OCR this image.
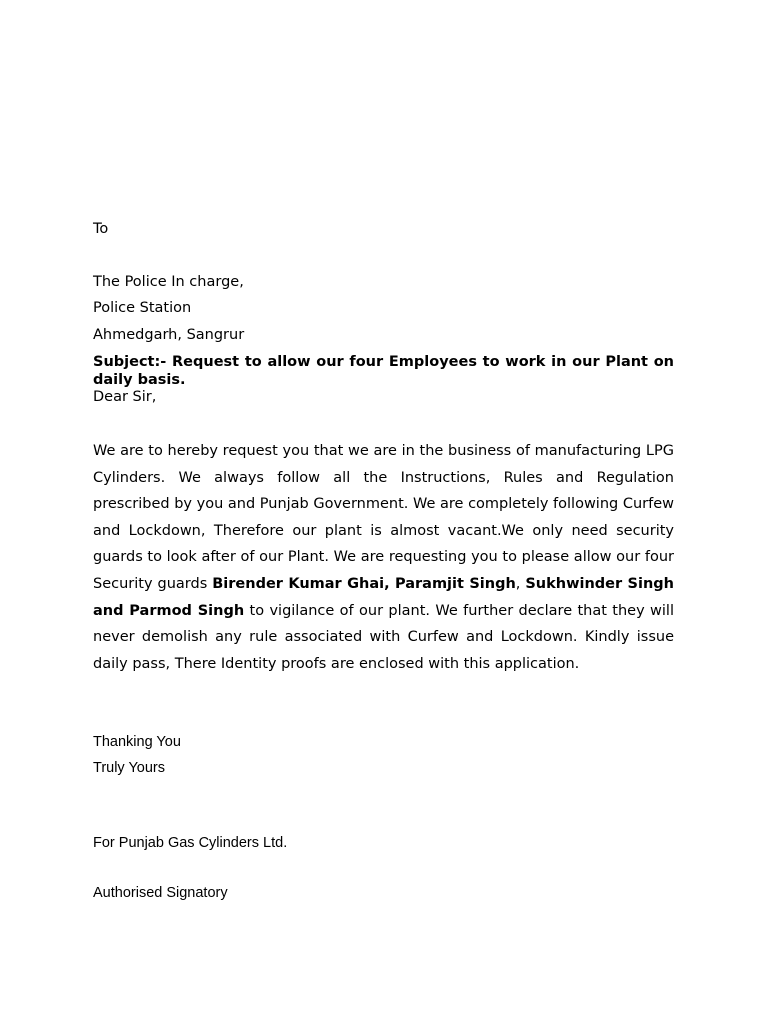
To
The Police In charge,
Police Station
Ahmedgarh, Sangrur
Subject:- Request to allow our four Employees to work in our Plant on daily basis.
Dear Sir,
We are to hereby request you that we are in the business of manufacturing LPG Cylinders. We always follow all the Instructions, Rules and Regulation prescribed by you and Punjab Government. We are completely following Curfew and Lockdown, Therefore our plant is almost vacant.We only need security guards to look after of our Plant. We are requesting you to please allow our four Security guards Birender Kumar Ghai, Paramjit Singh, Sukhwinder Singh and Parmod Singh to vigilance of our plant. We further declare that they will never demolish any rule associated with Curfew and Lockdown. Kindly issue daily pass, There Identity proofs are enclosed with this application.
Thanking You
Truly Yours
For Punjab Gas Cylinders Ltd.
Authorised Signatory
